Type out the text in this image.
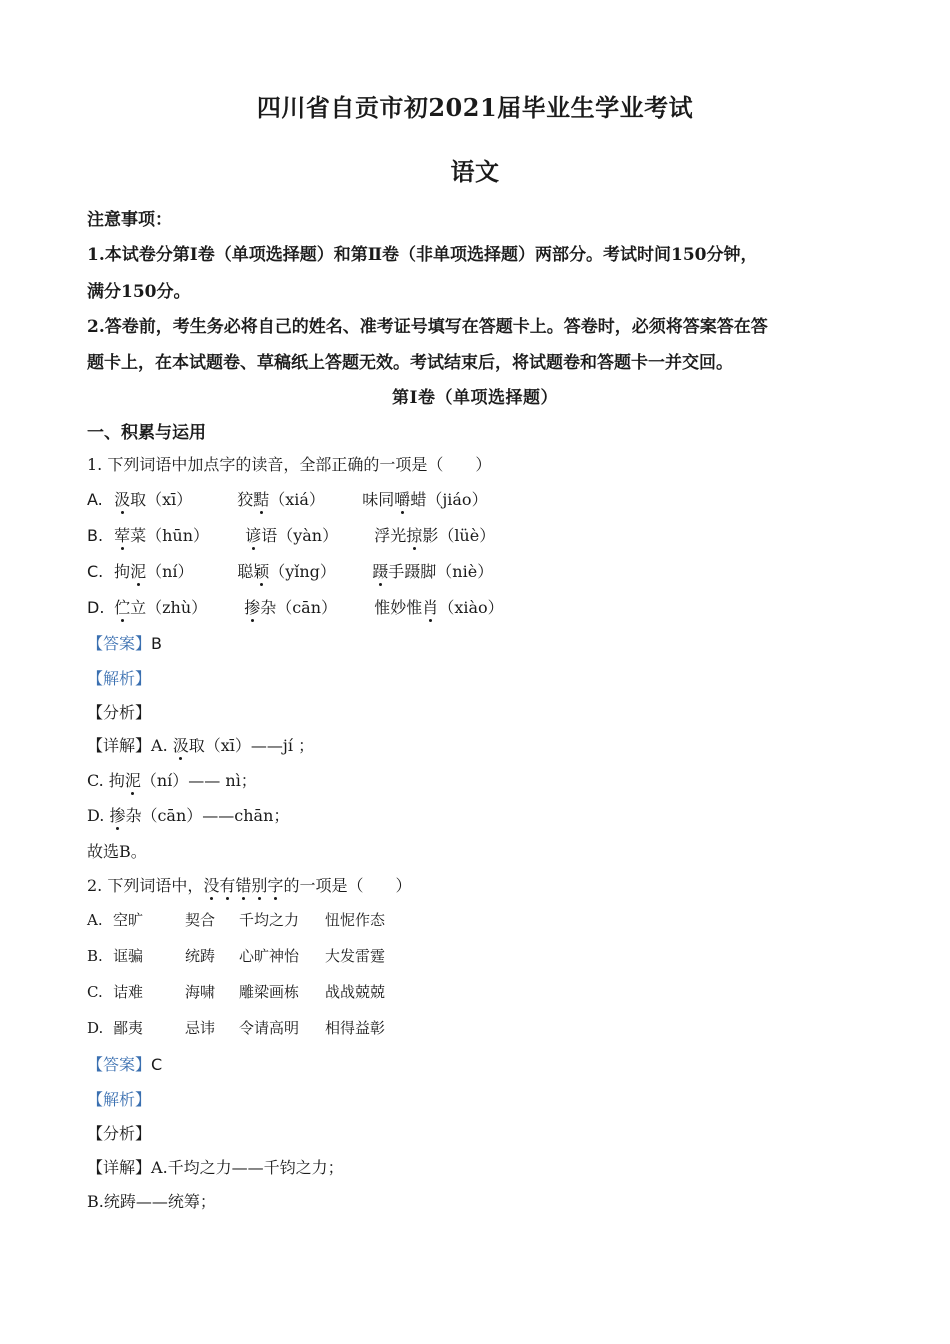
四川省自贡市初2021届毕业生学业考试
语文
注意事项：
1.本试卷分第Ⅰ卷（单项选择题）和第Ⅱ卷（非单项选择题）两部分。考试时间150分钟，
满分150分。
2.答卷前，考生务必将自己的姓名、准考证号填写在答题卡上。答卷时，必须将答案答在答
题卡上，在本试题卷、草稿纸上答题无效。考试结束后，将试题卷和答题卡一并交回。
第Ⅰ卷（单项选择题）
一、积累与运用
1. 下列词语中加点字的读音，全部正确的一项是（　　）
A. 汲取（xī）	狡黠（xiá） 味同嚼蜡（jiáo）
B. 荤菜（hūn） 谚语（yàn） 浮光掠影（lüè）
C. 拘泥（ní）	聪颖（yǐng） 蹑手蹑脚（niè）
D. 伫立（zhù） 掺杂（cān） 惟妙惟肖（xiào）
【答案】B
【解析】
【分析】
【详解】A. 汲取（xī）——jí ；
C. 拘泥（ní）—— nì；
D. 掺杂（cān）——chān；
故选B。
2. 下列词语中，没有错别字的一项是（　　）
A. 空旷	契合 千均之力 忸怩作态
B. 诓骗	统踌 心旷神怡 大发雷霆
C. 诘难	海啸 雕梁画栋 战战兢兢
D. 鄙夷	忌讳 令请高明 相得益彰
【答案】C
【解析】
【分析】
【详解】A.千均之力——千钧之力；
B.统踌——统筹；
